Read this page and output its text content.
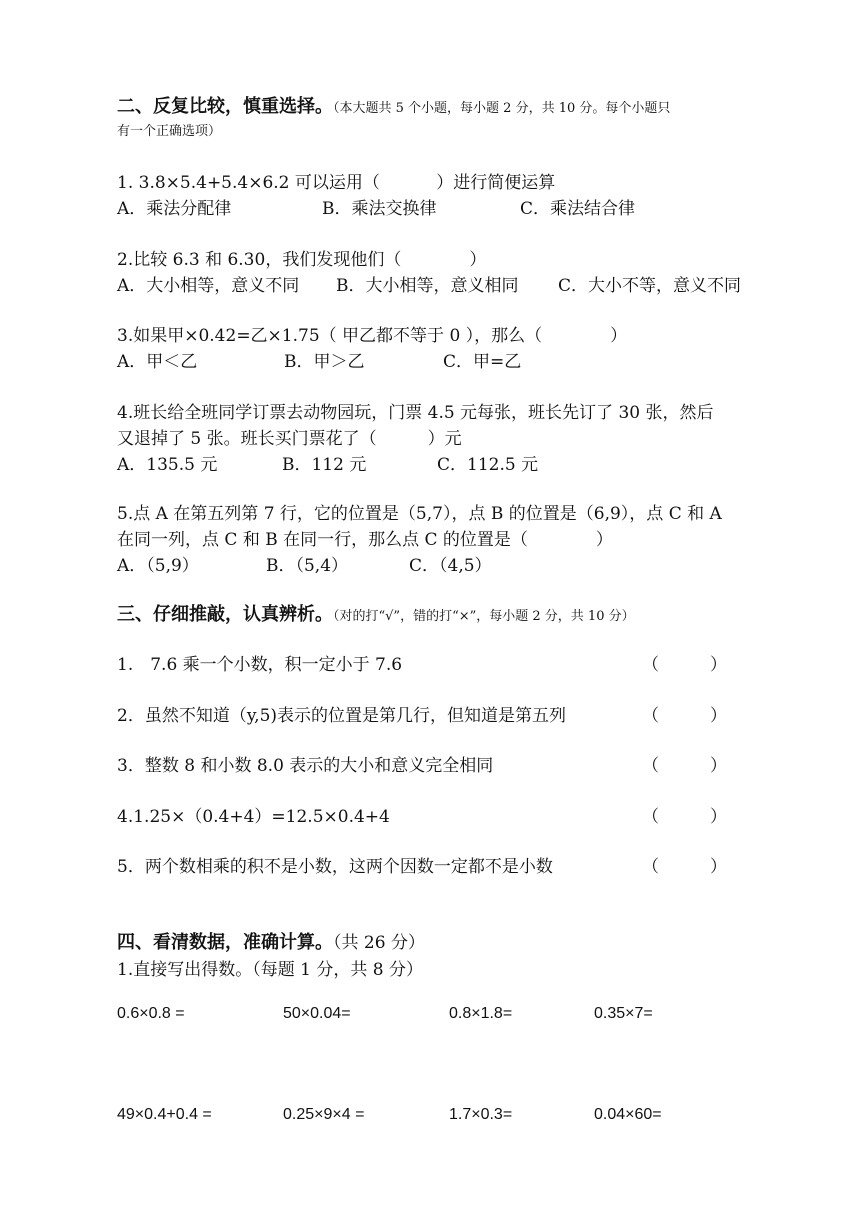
二、反复比较，慎重选择。（本大题共 5 个小题，每小题 2 分，共 10 分。每个小题只
有一个正确选项）
1. 3.8×5.4+5.4×6.2 可以运用（　　　 ）进行简便运算
A．乘法分配律	B．乘法交换律	C．乘法结合律
2.比较 6.3 和 6.30，我们发现他们（　　　　）
A．大小相等，意义不同 B．大小相等，意义相同 C．大小不等，意义不同
3.如果甲×0.42=乙×1.75（ 甲乙都不等于 0 ），那么（　　　　）
A．甲＜乙	B．甲＞乙	C．甲=乙
4.班长给全班同学订票去动物园玩，门票 4.5 元每张，班长先订了 30 张，然后
又退掉了 5 张。班长买门票花了（　　　）元
A．135.5 元	B．112 元	C．112.5 元
5.点 A 在第五列第 7 行，它的位置是（5,7），点 B 的位置是（6,9），点 C 和 A
在同一列，点 C 和 B 在同一行，那么点 C 的位置是（　　　　）
A．（5,9）	B．（5,4）	C．（4,5）
三、仔细推敲，认真辨析。（对的打“√”，错的打“×”，每小题 2 分，共 10 分）
1.　7.6 乘一个小数，积一定小于 7.6	（　　　）
2．虽然不知道（y,5)表示的位置是第几行，但知道是第五列	（　　　）
3．整数 8 和小数 8.0 表示的大小和意义完全相同	（　　　）
4.1.25×（0.4+4）=12.5×0.4+4	（　　　）
5．两个数相乘的积不是小数，这两个因数一定都不是小数	（　　　）
四、看清数据，准确计算。（共 26 分）
1.直接写出得数。（每题 1 分，共 8 分）
0.6×0.8 =	50×0.04=	0.8×1.8=	0.35×7=
49×0.4+0.4 =	0.25×9×4 =	1.7×0.3=	0.04×60=
